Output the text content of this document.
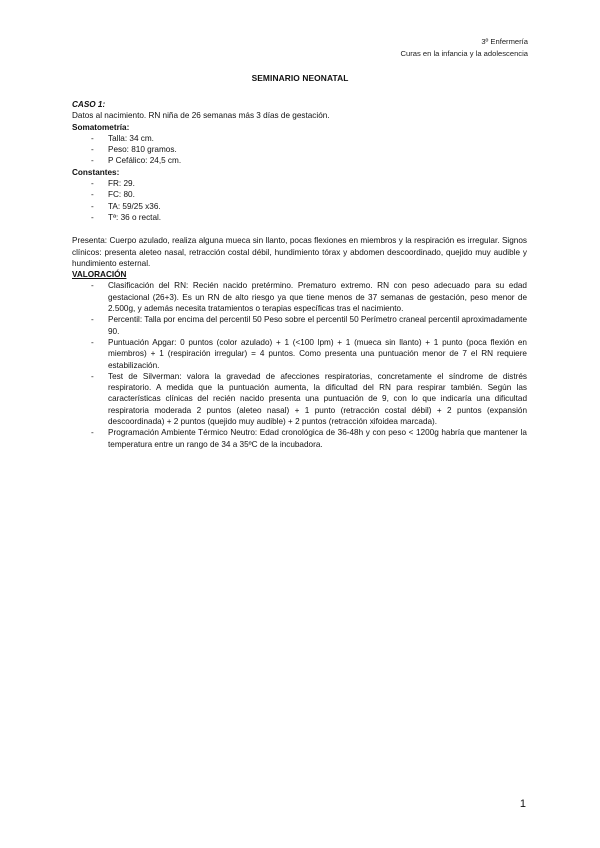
3º Enfermería
Curas en la infancia y la adolescencia
SEMINARIO NEONATAL

CASO 1:

Datos al nacimiento. RN niña de 26 semanas más 3 días de gestación.

Somatometría:

- Talla: 34 cm.
- Peso: 810 gramos.
- P Cefálico: 24,5 cm.

Constantes:

- FR: 29.
- FC: 80.
- TA: 59/25 x36.
- Tª: 36 o rectal.

Presenta: Cuerpo azulado, realiza alguna mueca sin llanto, pocas flexiones en miembros y la respiración es irregular. Signos clínicos: presenta aleteo nasal, retracción costal débil, hundimiento tórax y abdomen descoordinado, quejido muy audible y hundimiento esternal.

VALORACIÓN

- Clasificación del RN: Recién nacido pretérmino. Prematuro extremo. RN con peso adecuado para su edad gestacional (26+3). Es un RN de alto riesgo ya que tiene menos de 37 semanas de gestación, peso menor de 2.500g, y además necesita tratamientos o terapias específicas tras el nacimiento.
- Percentil: Talla por encima del percentil 50 Peso sobre el percentil 50 Perímetro craneal percentil aproximadamente 90.
- Puntuación Apgar: 0 puntos (color azulado) + 1 (<100 lpm) + 1 (mueca sin llanto) + 1 punto (poca flexión en miembros) + 1 (respiración irregular) = 4 puntos. Como presenta una puntuación menor de 7 el RN requiere estabilización.
- Test de Silverman: valora la gravedad de afecciones respiratorias, concretamente el síndrome de distrés respiratorio. A medida que la puntuación aumenta, la dificultad del RN para respirar también. Según las características clínicas del recién nacido presenta una puntuación de 9, con lo que indicaría una dificultad respiratoria moderada 2 puntos (aleteo nasal) + 1 punto (retracción costal débil) + 2 puntos (expansión descoordinada) + 2 puntos (quejido muy audible) + 2 puntos (retracción xifoidea marcada).
- Programación Ambiente Térmico Neutro: Edad cronológica de 36-48h y con peso < 1200g habría que mantener la temperatura entre un rango de 34 a 35ºC de la incubadora.
1
